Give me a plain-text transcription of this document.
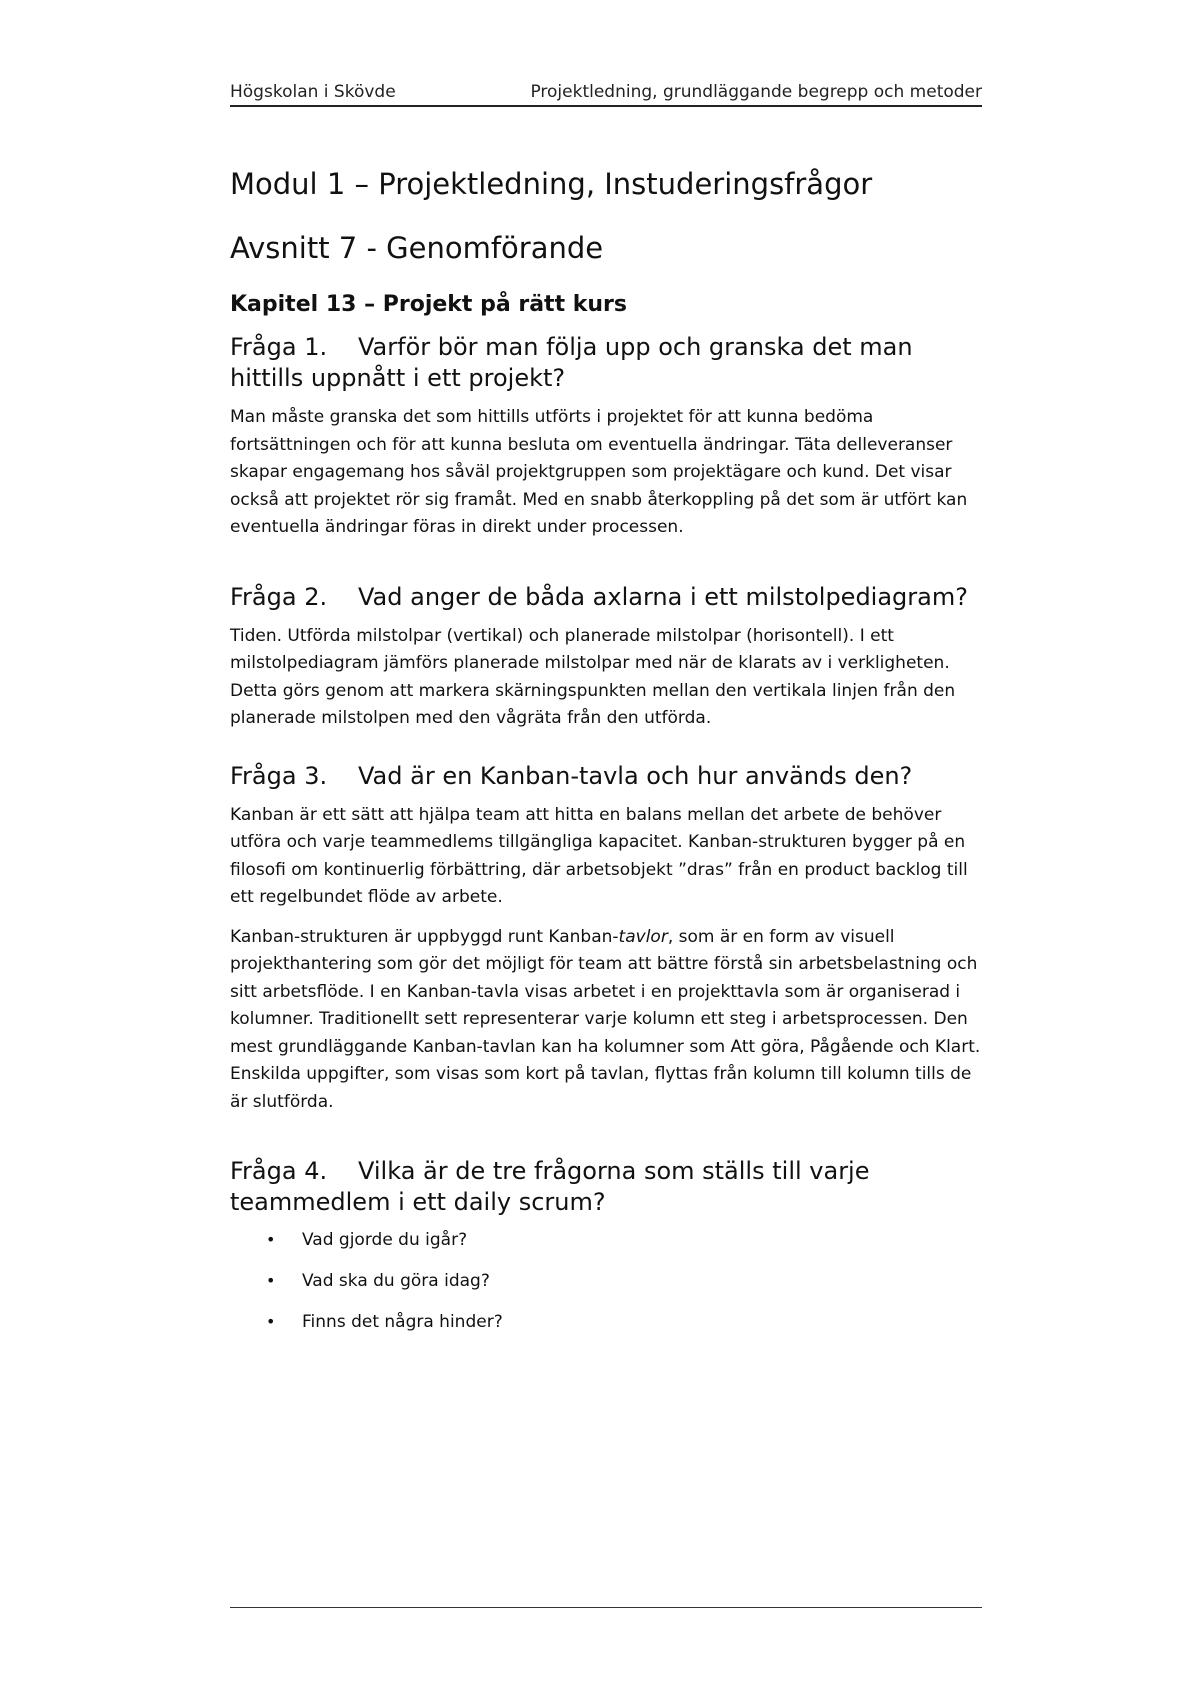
Högskolan i Skövde	Projektledning, grundläggande begrepp och metoder
Modul 1 – Projektledning, Instuderingsfrågor
Avsnitt 7 - Genomförande
Kapitel 13 – Projekt på rätt kurs
Fråga 1. Varför bör man följa upp och granska det man hittills uppnått i ett projekt?

Man måste granska det som hittills utförts i projektet för att kunna bedöma fortsättningen och för att kunna besluta om eventuella ändringar. Täta delleveranser skapar engagemang hos såväl projektgruppen som projektägare och kund. Det visar också att projektet rör sig framåt. Med en snabb återkoppling på det som är utfört kan eventuella ändringar föras in direkt under processen.

Fråga 2. Vad anger de båda axlarna i ett milstolpediagram?

Tiden. Utförda milstolpar (vertikal) och planerade milstolpar (horisontell). I ett milstolpediagram jämförs planerade milstolpar med när de klarats av i verkligheten. Detta görs genom att markera skärningspunkten mellan den vertikala linjen från den planerade milstolpen med den vågräta från den utförda.

Fråga 3. Vad är en Kanban-tavla och hur används den?

Kanban är ett sätt att hjälpa team att hitta en balans mellan det arbete de behöver utföra och varje teammedlems tillgängliga kapacitet. Kanban-strukturen bygger på en filosofi om kontinuerlig förbättring, där arbetsobjekt ”dras” från en product backlog till ett regelbundet flöde av arbete.

Kanban-strukturen är uppbyggd runt Kanban-tavlor, som är en form av visuell projekthantering som gör det möjligt för team att bättre förstå sin arbetsbelastning och sitt arbetsflöde. I en Kanban-tavla visas arbetet i en projekttavla som är organiserad i kolumner. Traditionellt sett representerar varje kolumn ett steg i arbetsprocessen. Den mest grundläggande Kanban-tavlan kan ha kolumner som Att göra, Pågående och Klart. Enskilda uppgifter, som visas som kort på tavlan, flyttas från kolumn till kolumn tills de är slutförda.

Fråga 4. Vilka är de tre frågorna som ställs till varje teammedlem i ett daily scrum?
•	Vad gjorde du igår?
•	Vad ska du göra idag?
•	Finns det några hinder?
